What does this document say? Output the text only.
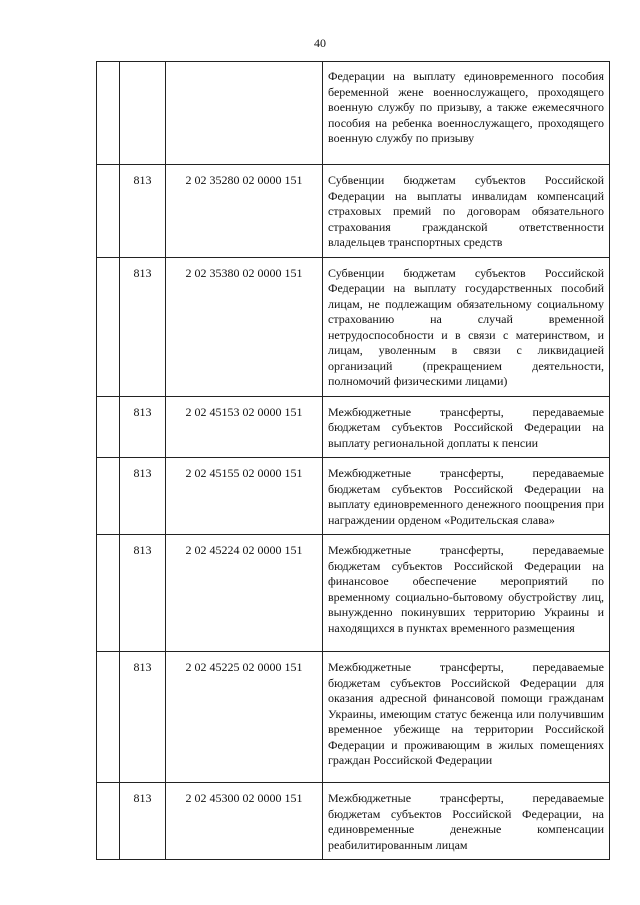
40
			Федерации на выплату единовременного пособия беременной жене военнослужащего, проходящего военную службу по призыву, а также ежемесячного пособия на ребенка военнослужащего, проходящего военную службу по призыву
	813	2 02 35280 02 0000 151	Субвенции бюджетам субъектов Российской Федерации на выплаты инвалидам компенсаций страховых премий по договорам обязательного страхования гражданской ответственности владельцев транспортных средств
	813	2 02 35380 02 0000 151	Субвенции бюджетам субъектов Российской Федерации на выплату государственных пособий лицам, не подлежащим обязательному социальному страхованию на случай временной нетрудоспособности и в связи с материнством, и лицам, уволенным в связи с ликвидацией организаций (прекращением деятельности, полномочий физическими лицами)
	813	2 02 45153 02 0000 151	Межбюджетные трансферты, передаваемые бюджетам субъектов Российской Федерации на выплату региональной доплаты к пенсии
	813	2 02 45155 02 0000 151	Межбюджетные трансферты, передаваемые бюджетам субъектов Российской Федерации на выплату единовременного денежного поощрения при награждении орденом «Родительская слава»
	813	2 02 45224 02 0000 151	Межбюджетные трансферты, передаваемые бюджетам субъектов Российской Федерации на финансовое обеспечение мероприятий по временному социально-бытовому обустройству лиц, вынужденно покинувших территорию Украины и находящихся в пунктах временного размещения
	813	2 02 45225 02 0000 151	Межбюджетные трансферты, передаваемые бюджетам субъектов Российской Федерации для оказания адресной финансовой помощи гражданам Украины, имеющим статус беженца или получившим временное убежище на территории Российской Федерации и проживающим в жилых помещениях граждан Российской Федерации
	813	2 02 45300 02 0000 151	Межбюджетные трансферты, передаваемые бюджетам субъектов Российской Федерации, на единовременные денежные компенсации реабилитированным лицам
